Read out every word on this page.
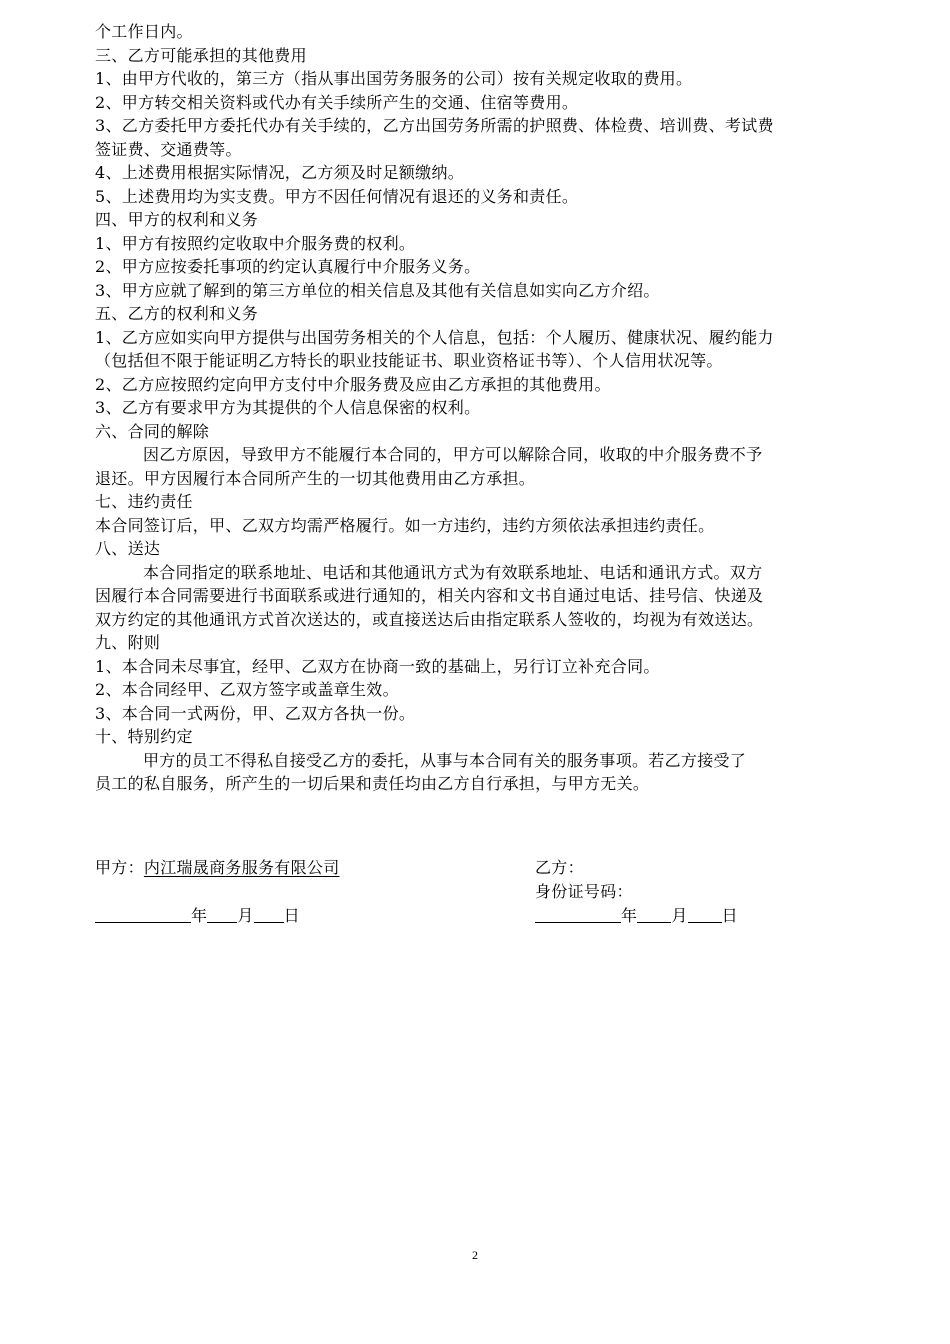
个工作日内。
三、乙方可能承担的其他费用
1、由甲方代收的，第三方（指从事出国劳务服务的公司）按有关规定收取的费用。
2、甲方转交相关资料或代办有关手续所产生的交通、住宿等费用。
3、乙方委托甲方委托代办有关手续的，乙方出国劳务所需的护照费、体检费、培训费、考试费
签证费、交通费等。
4、上述费用根据实际情况，乙方须及时足额缴纳。
5、上述费用均为实支费。甲方不因任何情况有退还的义务和责任。
四、甲方的权利和义务
1、甲方有按照约定收取中介服务费的权利。
2、甲方应按委托事项的约定认真履行中介服务义务。
3、甲方应就了解到的第三方单位的相关信息及其他有关信息如实向乙方介绍。
五、乙方的权利和义务
1、乙方应如实向甲方提供与出国劳务相关的个人信息，包括：个人履历、健康状况、履约能力
（包括但不限于能证明乙方特长的职业技能证书、职业资格证书等）、个人信用状况等。
2、乙方应按照约定向甲方支付中介服务费及应由乙方承担的其他费用。
3、乙方有要求甲方为其提供的个人信息保密的权利。
六、合同的解除
因乙方原因，导致甲方不能履行本合同的，甲方可以解除合同，收取的中介服务费不予
退还。甲方因履行本合同所产生的一切其他费用由乙方承担。
七、违约责任
本合同签订后，甲、乙双方均需严格履行。如一方违约，违约方须依法承担违约责任。
八、送达
本合同指定的联系地址、电话和其他通讯方式为有效联系地址、电话和通讯方式。双方
因履行本合同需要进行书面联系或进行通知的，相关内容和文书自通过电话、挂号信、快递及
双方约定的其他通讯方式首次送达的，或直接送达后由指定联系人签收的，均视为有效送达。
九、附则
1、本合同未尽事宜，经甲、乙双方在协商一致的基础上，另行订立补充合同。
2、本合同经甲、乙双方签字或盖章生效。
3、本合同一式两份，甲、乙双方各执一份。
十、特别约定
甲方的员工不得私自接受乙方的委托，从事与本合同有关的服务事项。若乙方接受了
员工的私自服务，所产生的一切后果和责任均由乙方自行承担，与甲方无关。
甲方：内江瑞晟商务服务有限公司
年 月 日
乙方：
身份证号码：
年 月 日
2
